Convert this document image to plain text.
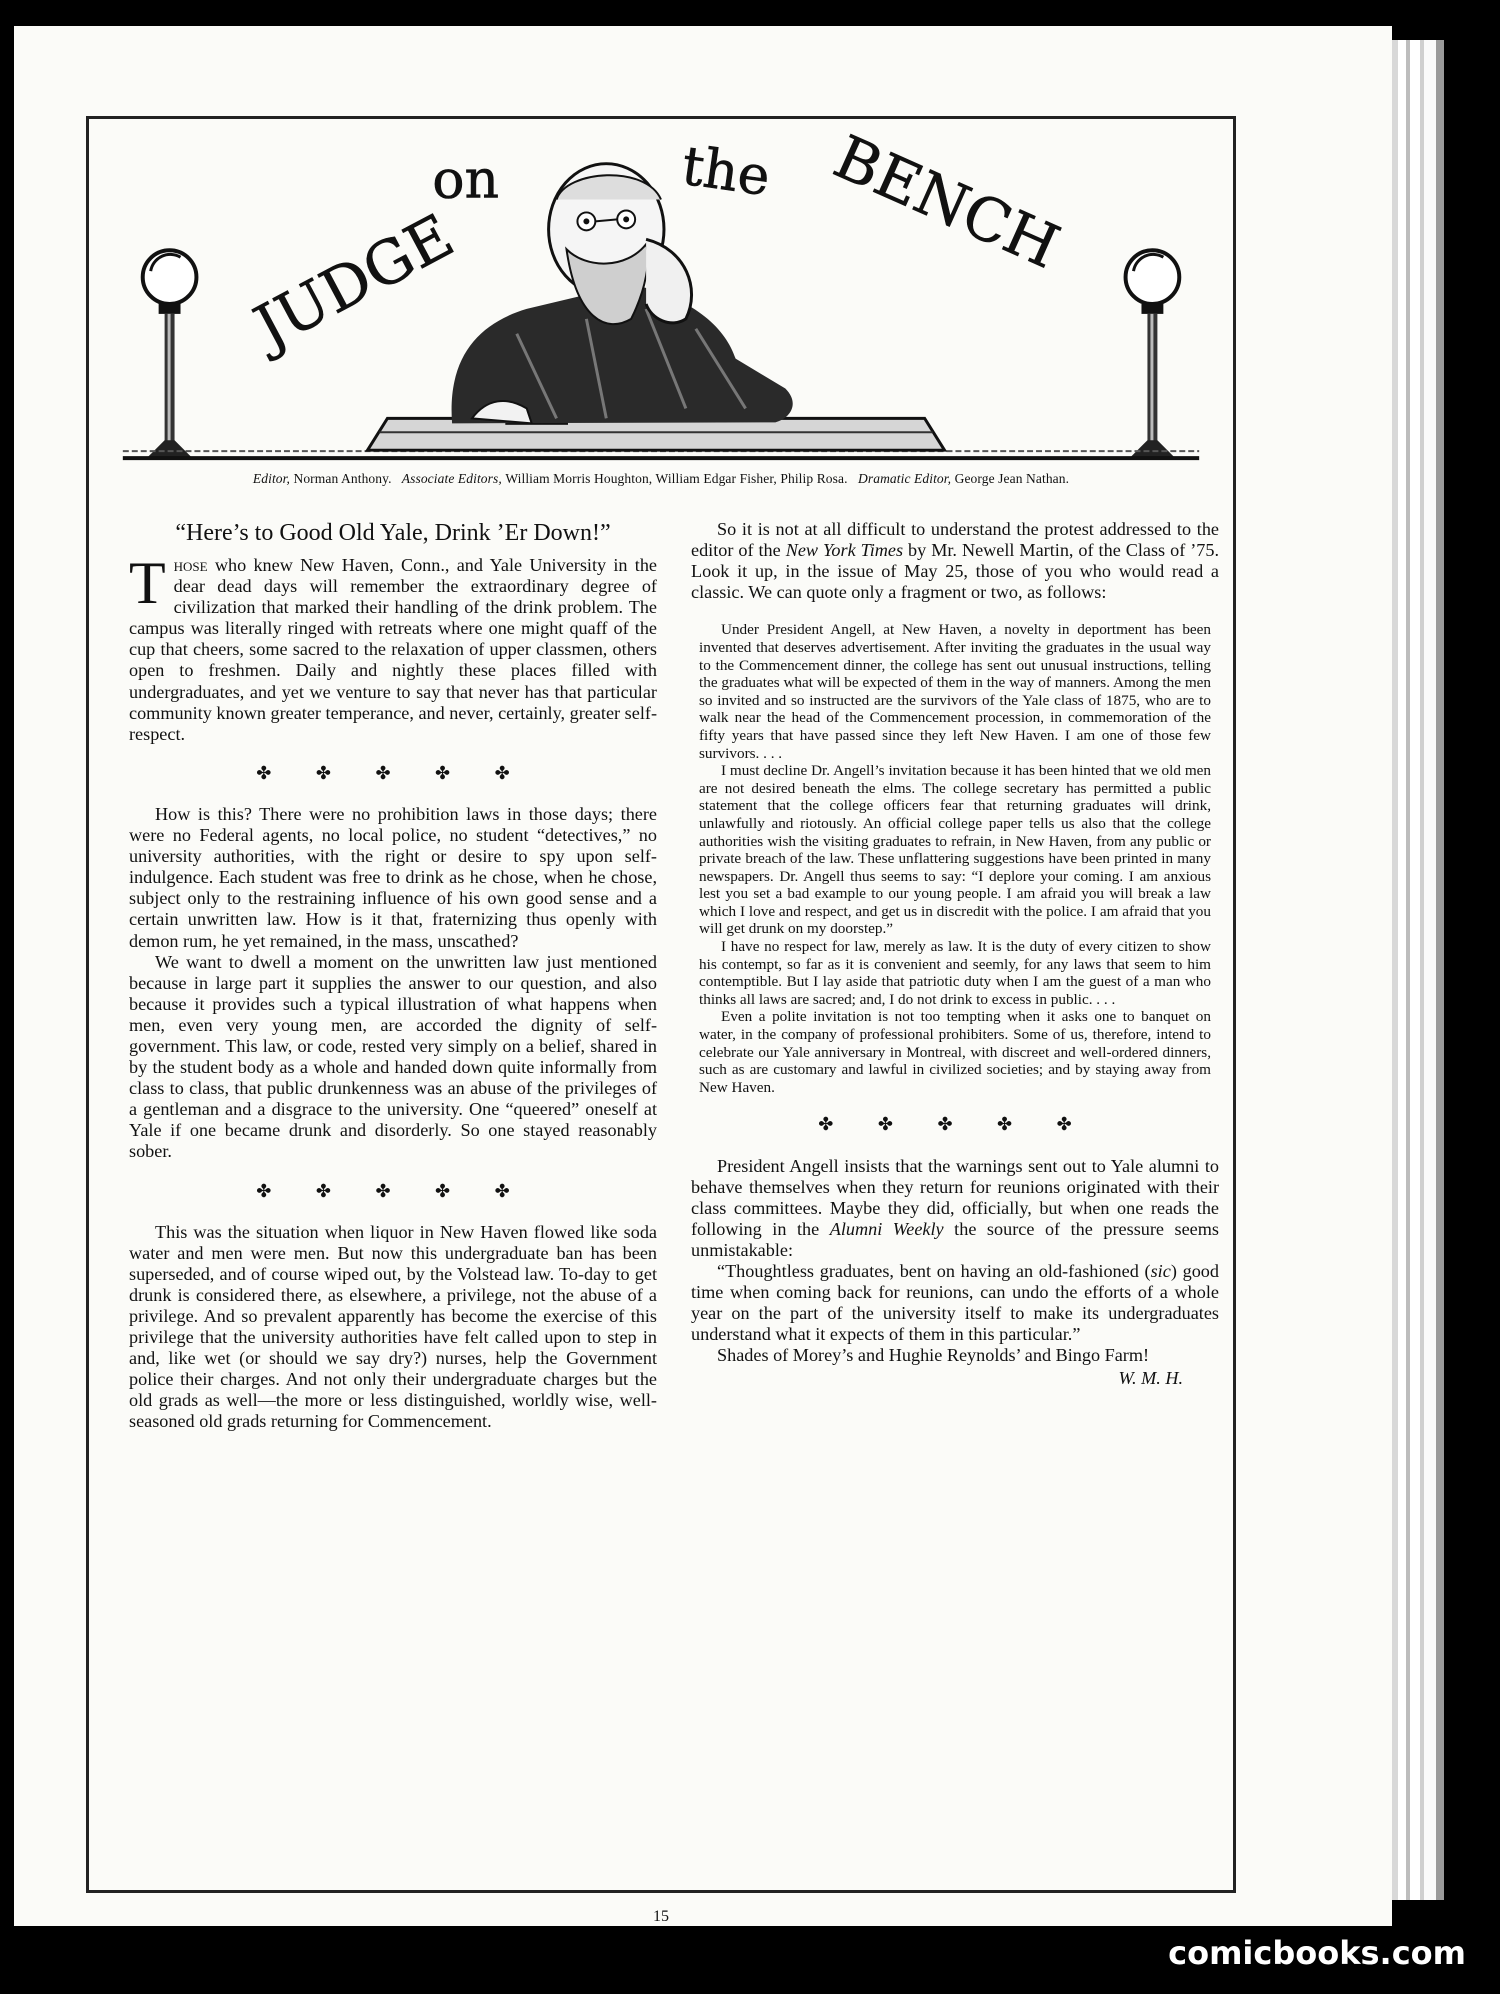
JUDGE
on	the BENCH
Editor, Norman Anthony. Associate Editors, William Morris Houghton, William Edgar Fisher, Philip Rosa. Dramatic Editor, George Jean Nathan.
“Here’s to Good Old Yale, Drink ’Er Down!”

Those who knew New Haven, Conn., and Yale University in the dear dead days will remember the extraordinary degree of civilization that marked their handling of the drink problem. The campus was literally ringed with retreats where one might quaff of the cup that cheers, some sacred to the relaxation of upper classmen, others open to freshmen. Daily and nightly these places filled with undergraduates, and yet we venture to say that never has that particular community known greater temperance, and never, certainly, greater self-respect.

✤ ✤ ✤ ✤ ✤

How is this? There were no prohibition laws in those days; there were no Federal agents, no local police, no student “detectives,” no university authorities, with the right or desire to spy upon self-indulgence. Each student was free to drink as he chose, when he chose, subject only to the restraining influence of his own good sense and a certain unwritten law. How is it that, fraternizing thus openly with demon rum, he yet remained, in the mass, unscathed?

We want to dwell a moment on the unwritten law just mentioned because in large part it supplies the answer to our question, and also because it provides such a typical illustration of what happens when men, even very young men, are accorded the dignity of self-government. This law, or code, rested very simply on a belief, shared in by the student body as a whole and handed down quite informally from class to class, that public drunkenness was an abuse of the privileges of a gentleman and a disgrace to the university. One “queered” oneself at Yale if one became drunk and disorderly. So one stayed reasonably sober.

✤ ✤ ✤ ✤ ✤

This was the situation when liquor in New Haven flowed like soda water and men were men. But now this undergraduate ban has been superseded, and of course wiped out, by the Volstead law. To-day to get drunk is considered there, as elsewhere, a privilege, not the abuse of a privilege. And so prevalent apparently has become the exercise of this privilege that the university authorities have felt called upon to step in and, like wet (or should we say dry?) nurses, help the Government police their charges. And not only their undergraduate charges but the old grads as well—the more or less distinguished, worldly wise, well-seasoned old grads returning for Commencement.

So it is not at all difficult to understand the protest addressed to the editor of the New York Times by Mr. Newell Martin, of the Class of ’75. Look it up, in the issue of May 25, those of you who would read a classic. We can quote only a fragment or two, as follows:

Under President Angell, at New Haven, a novelty in deportment has been invented that deserves advertisement. After inviting the graduates in the usual way to the Commencement dinner, the college has sent out unusual instructions, telling the graduates what will be expected of them in the way of manners. Among the men so invited and so instructed are the survivors of the Yale class of 1875, who are to walk near the head of the Commencement procession, in commemoration of the fifty years that have passed since they left New Haven. I am one of those few survivors. . . .

I must decline Dr. Angell’s invitation because it has been hinted that we old men are not desired beneath the elms. The college secretary has permitted a public statement that the college officers fear that returning graduates will drink, unlawfully and riotously. An official college paper tells us also that the college authorities wish the visiting graduates to refrain, in New Haven, from any public or private breach of the law. These unflattering suggestions have been printed in many newspapers. Dr. Angell thus seems to say: “I deplore your coming. I am anxious lest you set a bad example to our young people. I am afraid you will break a law which I love and respect, and get us in discredit with the police. I am afraid that you will get drunk on my doorstep.”

I have no respect for law, merely as law. It is the duty of every citizen to show his contempt, so far as it is convenient and seemly, for any laws that seem to him contemptible. But I lay aside that patriotic duty when I am the guest of a man who thinks all laws are sacred; and, I do not drink to excess in public. . . .

Even a polite invitation is not too tempting when it asks one to banquet on water, in the company of professional prohibiters. Some of us, therefore, intend to celebrate our Yale anniversary in Montreal, with discreet and well-ordered dinners, such as are customary and lawful in civilized societies; and by staying away from New Haven.

✤ ✤ ✤ ✤ ✤

President Angell insists that the warnings sent out to Yale alumni to behave themselves when they return for reunions originated with their class committees. Maybe they did, officially, but when one reads the following in the Alumni Weekly the source of the pressure seems unmistakable:

“Thoughtless graduates, bent on having an old-fashioned (sic) good time when coming back for reunions, can undo the efforts of a whole year on the part of the university itself to make its undergraduates understand what it expects of them in this particular.”

Shades of Morey’s and Hughie Reynolds’ and Bingo Farm!

W. M. H.
15
comicbooks.com
